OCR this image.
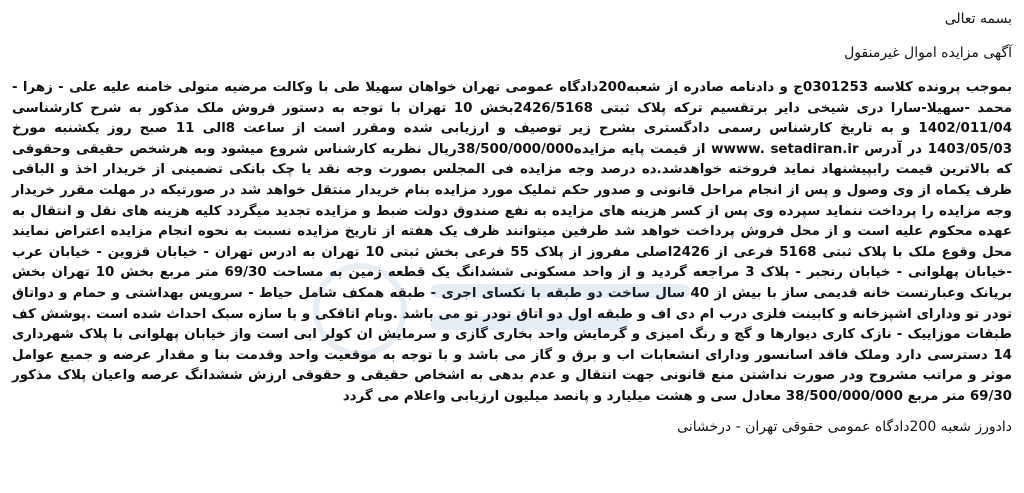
بسمه تعالی
آگهی مزایده اموال غیرمنقول

بموجب پرونده کلاسه 0301253ج و دادنامه صادره از شعبه200دادگاه عمومی تهران خواهان سهیلا طی با وکالت مرضیه متولی خامنه علیه علی - زهرا - محمد -سهیلا-سارا دری شیخی دایر برتقسیم ترکه پلاک ثبتی 2426/5168بخش 10 تهران با توجه به دستور فروش ملک مذکور به شرح کارشناسی 1402/011/04 و به تاریخ کارشناس رسمی دادگستری بشرح زیر توصیف و ارزیابی شده ومقرر است از ساعت 8الی 11 صبح روز یکشنبه مورخ 1403/05/03 در آدرس wwww. setadiran.ir از قیمت پایه مزایده38/500/000/000ریال نظریه کارشناس شروع میشود وبه هرشخص حقیقی وحقوقی که بالاترین قیمت رابپیشنهاد نماید فروخته خواهدشد.ده درصد وجه مزایده فی المجلس بصورت وجه نقد یا چک بانکی تضمینی از خریدار اخذ و الباقی ظرف یکماه از وی وصول و پس از انجام مراحل قانونی و صدور حکم تملیک مورد مزایده بنام خریدار منتقل خواهد شد در صورتیکه در مهلت مقرر خریدار وجه مزایده را پرداخت ننماید سپرده وی پس از کسر هزینه های مزایده به نفع صندوق دولت ضبط و مزایده تجدید میگردد کلیه هزینه های نقل و انتقال به عهده محکوم علیه است و از محل فروش پرداخت خواهد شد طرفین میتوانند ظرف یک هفته از تاریخ مزایده نسبت به نحوه انجام مزایده اعتراض نمایند محل وقوع ملک با پلاک ثبتی 5168 فرعی از 2426اصلی مفروز از پلاک 55 فرعی بخش ثبتی 10 تهران به ادرس تهران - خیابان قزوین - خیابان عرب -خیابان پهلوانی - خیابان رنجبر - پلاک 3 مراجعه گردید و از واحد مسکونی ششدانگ یک قطعه زمین به مساحت 69/30 متر مربع بخش 10 تهران بخش بریانک وعبارتست خانه قدیمی ساز با بیش از 40 سال ساخت دو طبقه با نکسای اجری - طبقه همکف شامل حیاط - سرویس بهداشتی و حمام و دواتاق تودر تو ودارای اشپزخانه و کابینت فلزی درب ام دی اف و طبقه اول دو اتاق تودر تو می باشد .وبام اتاقکی و با سازه سبک احداث شده است .پوشش کف طبقات موزاییک - نازک کاری دیوارها و گچ و رنگ امیزی و گرمایش واحد بخاری گازی و سرمایش ان کولر ابی است واز خیابان پهلوانی با پلاک شهرداری 14 دسترسی دارد وملک فاقد اسانسور ودارای انشعابات اب و برق و گاز می باشد و با توجه به موقعیت واحد وقدمت بنا و مقدار عرضه و جمیع عوامل موثر و مراتب مشروح ودر صورت نداشتن منع قانونی جهت انتقال و عدم بدهی به اشخاص حقیقی و حقوقی ارزش ششدانگ عرصه واعیان پلاک مذکور 69/30 متر مربع 38/500/000/000 معادل سی و هشت میلیارد و پانصد میلیون ارزیابی واعلام می گردد

دادورز شعبه 200دادگاه عمومی حقوقی تهران - درخشانی
